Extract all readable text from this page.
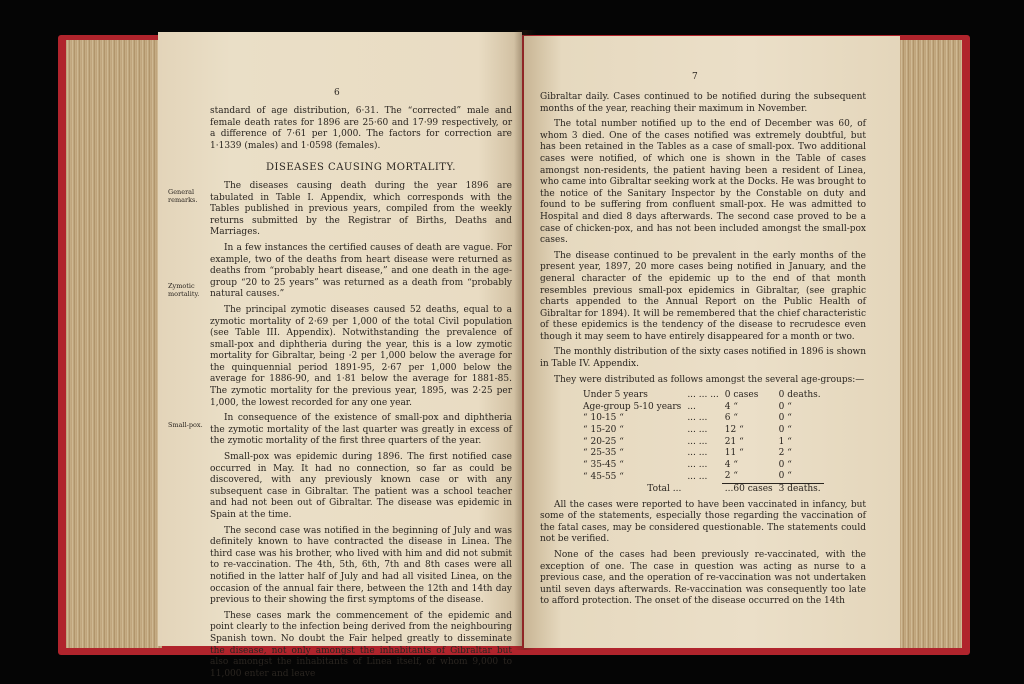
6
General remarks.
Zymotic mortality.
Small-pox.

standard of age distribution, 6·31. The “corrected” male and female death rates for 1896 are 25·60 and 17·99 respectively, or a difference of 7·61 per 1,000. The factors for correction are 1·1339 (males) and 1·0598 (females).

DISEASES CAUSING MORTALITY.

The diseases causing death during the year 1896 are tabulated in Table I. Appendix, which corresponds with the Tables published in previous years, compiled from the weekly returns submitted by the Registrar of Births, Deaths and Marriages.

In a few instances the certified causes of death are vague. For example, two of the deaths from heart disease were returned as deaths from “probably heart disease,” and one death in the age-group “20 to 25 years” was returned as a death from “probably natural causes.”

The principal zymotic diseases caused 52 deaths, equal to a zymotic mortality of 2·69 per 1,000 of the total Civil population (see Table III. Appendix). Notwithstanding the prevalence of small-pox and diphtheria during the year, this is a low zymotic mortality for Gibraltar, being ·2 per 1,000 below the average for the quinquennial period 1891-95, 2·67 per 1,000 below the average for 1886-90, and 1·81 below the average for 1881-85. The zymotic mortality for the previous year, 1895, was 2·25 per 1,000, the lowest recorded for any one year.

In consequence of the existence of small-pox and diphtheria the zymotic mortality of the last quarter was greatly in excess of the zymotic mortality of the first three quarters of the year.

Small-pox was epidemic during 1896. The first notified case occurred in May. It had no connection, so far as could be discovered, with any previously known case or with any subsequent case in Gibraltar. The patient was a school teacher and had not been out of Gibraltar. The disease was epidemic in Spain at the time.

The second case was notified in the beginning of July and was definitely known to have contracted the disease in Linea. The third case was his brother, who lived with him and did not submit to re-vaccination. The 4th, 5th, 6th, 7th and 8th cases were all notified in the latter half of July and had all visited Linea, on the occasion of the annual fair there, between the 12th and 14th day previous to their showing the first symptoms of the disease.

These cases mark the commencement of the epidemic and point clearly to the infection being derived from the neighbouring Spanish town. No doubt the Fair helped greatly to disseminate the disease, not only amongst the inhabitants of Gibraltar but also amongst the inhabitants of Linea itself, of whom 9,000 to 11,000 enter and leave

7

Gibraltar daily. Cases continued to be notified during the subsequent months of the year, reaching their maximum in November.

The total number notified up to the end of December was 60, of whom 3 died. One of the cases notified was extremely doubtful, but has been retained in the Tables as a case of small-pox. Two additional cases were notified, of which one is shown in the Table of cases amongst non-residents, the patient having been a resident of Linea, who came into Gibraltar seeking work at the Docks. He was brought to the notice of the Sanitary Inspector by the Constable on duty and found to be suffering from confluent small-pox. He was admitted to Hospital and died 8 days afterwards. The second case proved to be a case of chicken-pox, and has not been included amongst the small-pox cases.

The disease continued to be prevalent in the early months of the present year, 1897, 20 more cases being notified in January, and the general character of the epidemic up to the end of that month resembles previous small-pox epidemics in Gibraltar, (see graphic charts appended to the Annual Report on the Public Health of Gibraltar for 1894). It will be remembered that the chief characteristic of these epidemics is the tendency of the disease to recrudesce even though it may seem to have entirely disappeared for a month or two.

The monthly distribution of the sixty cases notified in 1896 is shown in Table IV. Appendix.

They were distributed as follows amongst the several age-groups:—

Under 5 years	... ... ...	0 cases	0 deaths.
Age-group 5-10 years	...	4 “	0 “
“ 10-15 “	... ...	6 “	0 “
“ 15-20 “	... ...	12 “	0 “
“ 20-25 “	... ...	21 “	1 “
“ 25-35 “	... ...	11 “	2 “
“ 35-45 “	... ...	4 “	0 “
“ 45-55 “	... ...	2 “	0 “
Total ...		...60 cases	3 deaths.

All the cases were reported to have been vaccinated in infancy, but some of the statements, especially those regarding the vaccination of the fatal cases, may be considered questionable. The statements could not be verified.

None of the cases had been previously re-vaccinated, with the exception of one. The case in question was acting as nurse to a previous case, and the operation of re-vaccination was not undertaken until seven days afterwards. Re-vaccination was consequently too late to afford protection. The onset of the disease occurred on the 14th
